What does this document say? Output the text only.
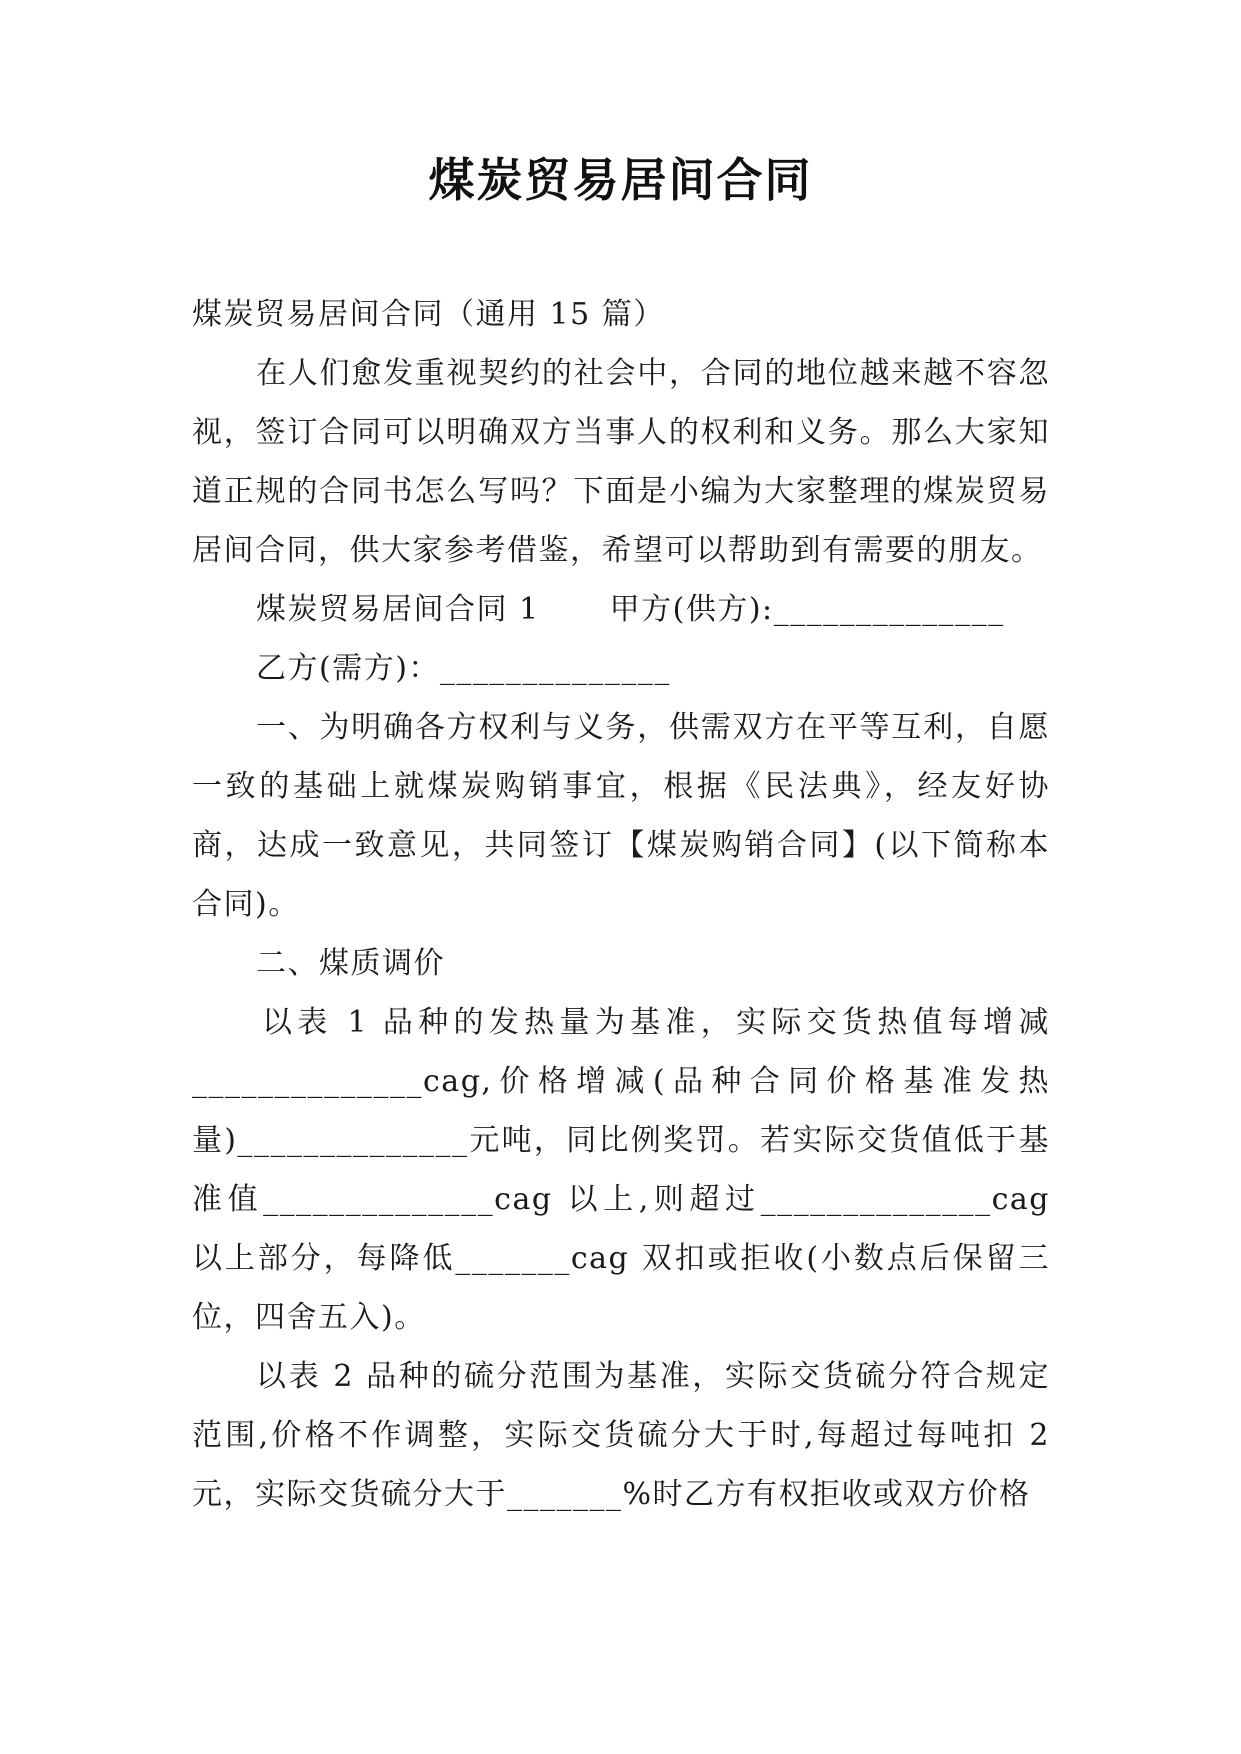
煤炭贸易居间合同

煤炭贸易居间合同（通用 15 篇）

在人们愈发重视契约的社会中，合同的地位越来越不容忽视，签订合同可以明确双方当事人的权利和义务。那么大家知道正规的合同书怎么写吗？下面是小编为大家整理的煤炭贸易居间合同，供大家参考借鉴，希望可以帮助到有需要的朋友。

煤炭贸易居间合同 1 甲方(供方):______________

乙方(需方)：______________

一、为明确各方权利与义务，供需双方在平等互利，自愿一致的基础上就煤炭购销事宜，根据《民法典》，经友好协商，达成一致意见，共同签订【煤炭购销合同】(以下简称本合同)。

二、煤质调价

以表 1 品种的发热量为基准，实际交货热值每增减______________cag,价格增减(品种合同价格基准发热量)______________元吨，同比例奖罚。若实际交货值低于基准值______________cag 以上,则超过______________cag 以上部分，每降低_______cag 双扣或拒收(小数点后保留三位，四舍五入)。

以表 2 品种的硫分范围为基准，实际交货硫分符合规定范围,价格不作调整，实际交货硫分大于时,每超过每吨扣 2元，实际交货硫分大于_______%时乙方有权拒收或双方价格
